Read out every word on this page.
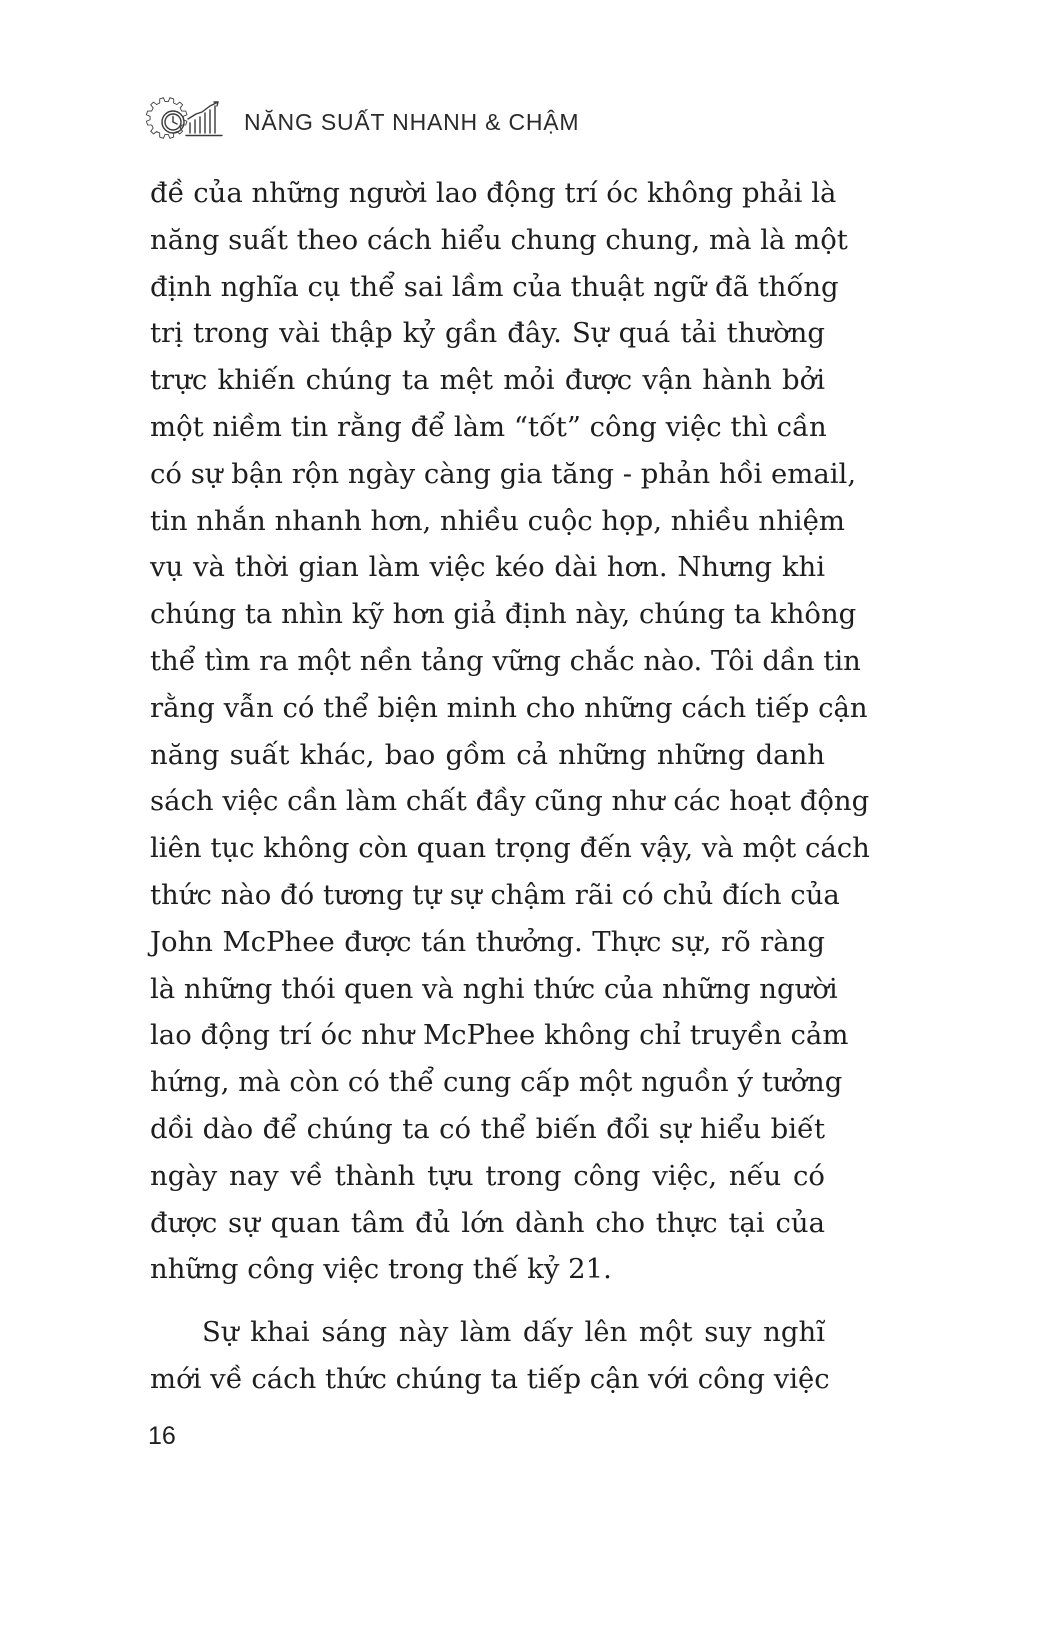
NĂNG SUẤT NHANH & CHẬM
đề của những người lao động trí óc không phải là
năng suất theo cách hiểu chung chung, mà là một
định nghĩa cụ thể sai lầm của thuật ngữ đã thống
trị trong vài thập kỷ gần đây. Sự quá tải thường
trực khiến chúng ta mệt mỏi được vận hành bởi
một niềm tin rằng để làm “tốt” công việc thì cần
có sự bận rộn ngày càng gia tăng - phản hồi email,
tin nhắn nhanh hơn, nhiều cuộc họp, nhiều nhiệm
vụ và thời gian làm việc kéo dài hơn. Nhưng khi
chúng ta nhìn kỹ hơn giả định này, chúng ta không
thể tìm ra một nền tảng vững chắc nào. Tôi dần tin
rằng vẫn có thể biện minh cho những cách tiếp cận
năng suất khác, bao gồm cả những những danh
sách việc cần làm chất đầy cũng như các hoạt động
liên tục không còn quan trọng đến vậy, và một cách
thức nào đó tương tự sự chậm rãi có chủ đích của
John McPhee được tán thưởng. Thực sự, rõ ràng
là những thói quen và nghi thức của những người
lao động trí óc như McPhee không chỉ truyền cảm
hứng, mà còn có thể cung cấp một nguồn ý tưởng
dồi dào để chúng ta có thể biến đổi sự hiểu biết
ngày nay về thành tựu trong công việc, nếu có
được sự quan tâm đủ lớn dành cho thực tại của
những công việc trong thế kỷ 21.
Sự khai sáng này làm dấy lên một suy nghĩ
mới về cách thức chúng ta tiếp cận với công việc
16
